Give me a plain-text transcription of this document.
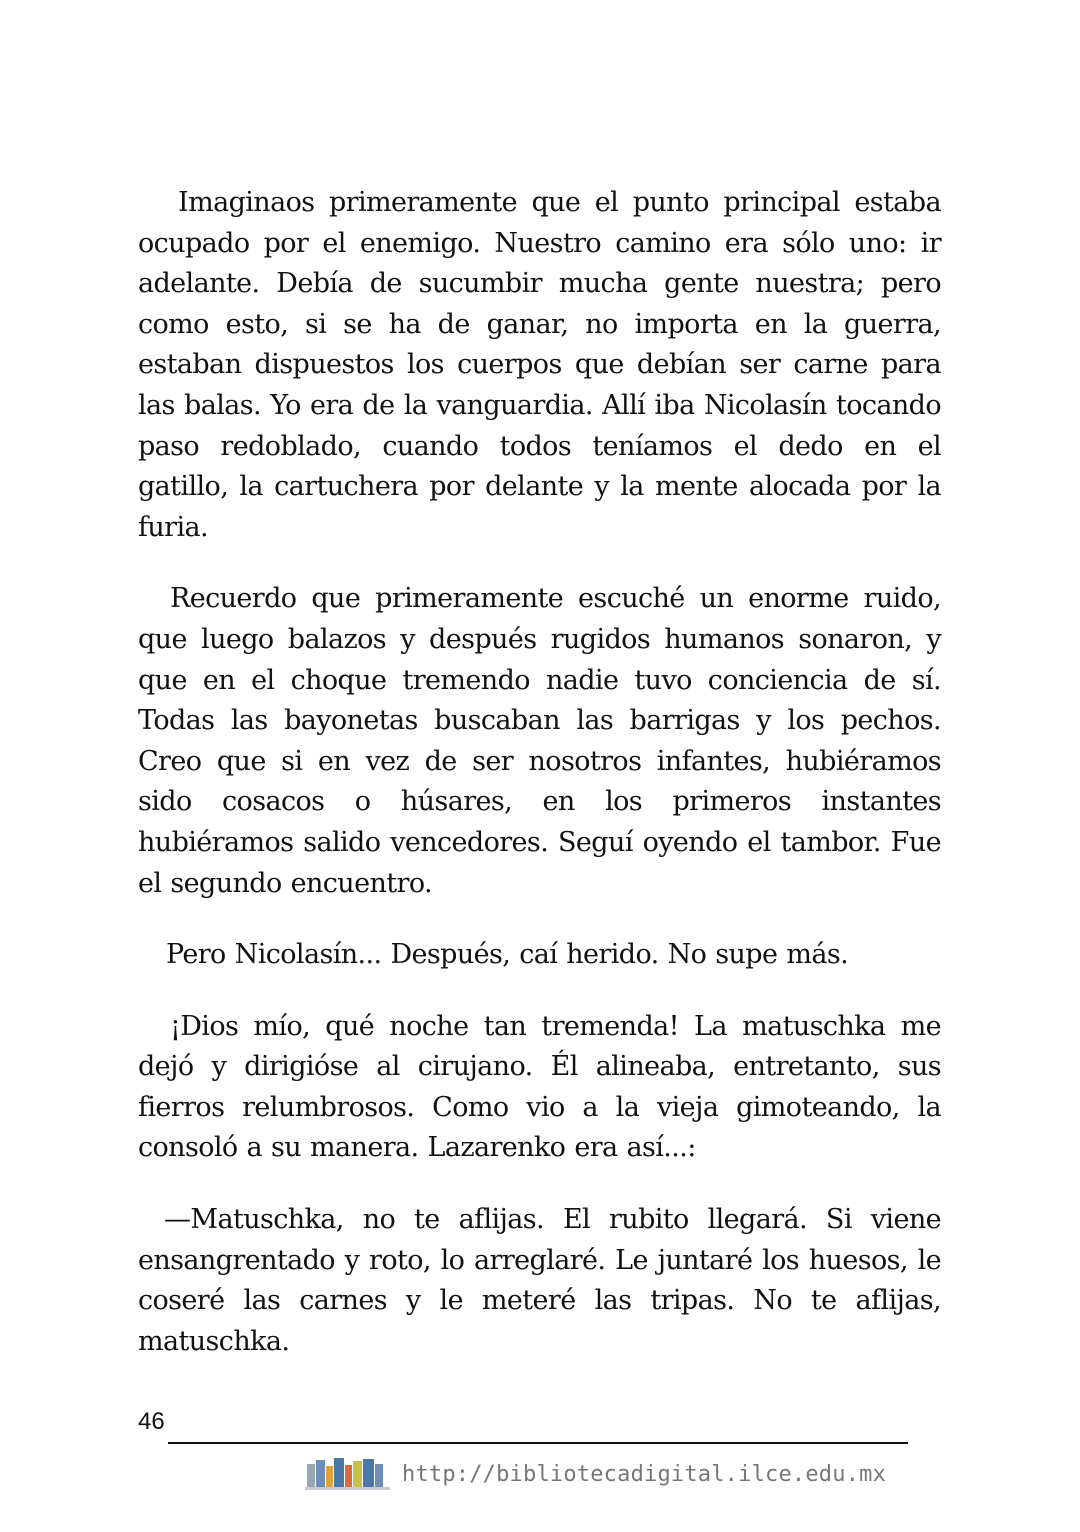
Imaginaos primeramente que el punto principal estaba ocupado por el enemigo. Nuestro camino era sólo uno: ir adelante. Debía de sucumbir mucha gente nuestra; pero como esto, si se ha de ganar, no importa en la guerra, estaban dispuestos los cuerpos que debían ser carne para las balas. Yo era de la vanguardia. Allí iba Nicolasín tocando paso redoblado, cuando todos teníamos el dedo en el gatillo, la cartuchera por delante y la mente alocada por la furia.

Recuerdo que primeramente escuché un enorme ruido, que luego balazos y después rugidos humanos sonaron, y que en el choque tremendo nadie tuvo conciencia de sí. Todas las bayonetas buscaban las barrigas y los pechos. Creo que si en vez de ser nosotros infantes, hubiéramos sido cosacos o húsares, en los primeros instantes hubiéramos salido vencedores. Seguí oyendo el tambor. Fue el segundo encuentro.

Pero Nicolasín... Después, caí herido. No supe más.

¡Dios mío, qué noche tan tremenda! La matuschka me dejó y dirigióse al cirujano. Él alineaba, entretanto, sus fierros relumbrosos. Como vio a la vieja gimoteando, la consoló a su manera. Lazarenko era así...:

—Matuschka, no te aflijas. El rubito llegará. Si viene ensangrentado y roto, lo arreglaré. Le juntaré los huesos, le coseré las carnes y le meteré las tripas. No te aflijas, matuschka.

46
http://bibliotecadigital.ilce.edu.mx
